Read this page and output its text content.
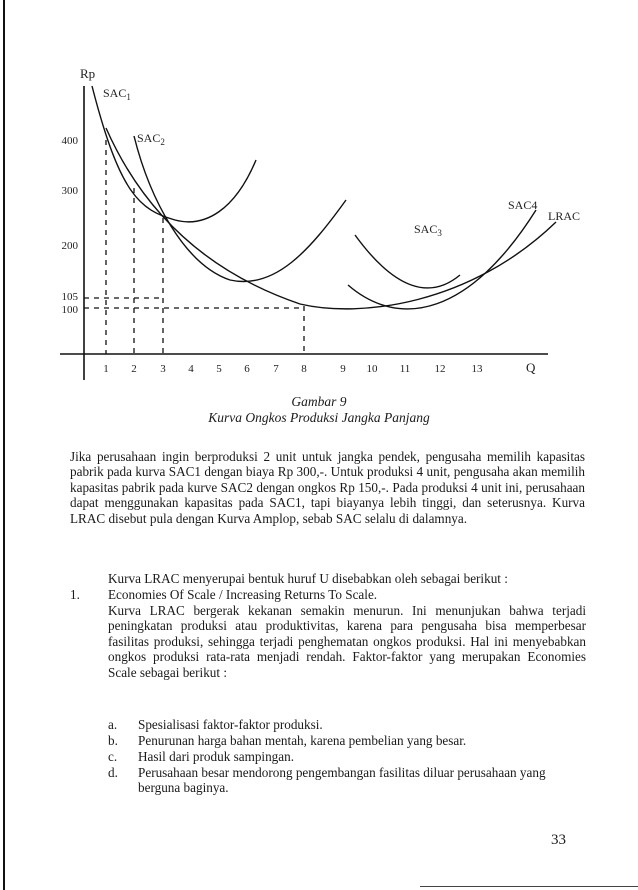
Rp
Q
400
300
200
105
100
1 2 3 4 5 6 7 8	9 10 11 12 13
$SAC_1$
$SAC_2$
$SAC_3$
SAC4
LRAC
Gambar 9
Kurva Ongkos Produksi Jangka Panjang

Jika perusahaan ingin berproduksi 2 unit untuk jangka pendek, pengusaha memilih kapasitas pabrik pada kurva SAC1 dengan biaya Rp 300,-. Untuk produksi 4 unit, pengusaha akan memilih kapasitas pabrik pada kurve SAC2 dengan ongkos Rp 150,-. Pada produksi 4 unit ini, perusahaan dapat menggunakan kapasitas pada SAC1, tapi biayanya lebih tinggi, dan seterusnya. Kurva LRAC disebut pula dengan Kurva Amplop, sebab SAC selalu di dalamnya.

Kurva LRAC menyerupai bentuk huruf U disebabkan oleh sebagai berikut :

1. Economies Of Scale / Increasing Returns To Scale.

Kurva LRAC bergerak kekanan semakin menurun. Ini menunjukan bahwa terjadi peningkatan produksi atau produktivitas, karena para pengusaha bisa memperbesar fasilitas produksi, sehingga terjadi penghematan ongkos produksi. Hal ini menyebabkan ongkos produksi rata-rata menjadi rendah. Faktor-faktor yang merupakan Economies Scale sebagai berikut :

a. Spesialisasi faktor-faktor produksi.
b. Penurunan harga bahan mentah, karena pembelian yang besar.
c. Hasil dari produk sampingan.
d. Perusahaan besar mendorong pengembangan fasilitas diluar perusahaan yang berguna baginya.
33
